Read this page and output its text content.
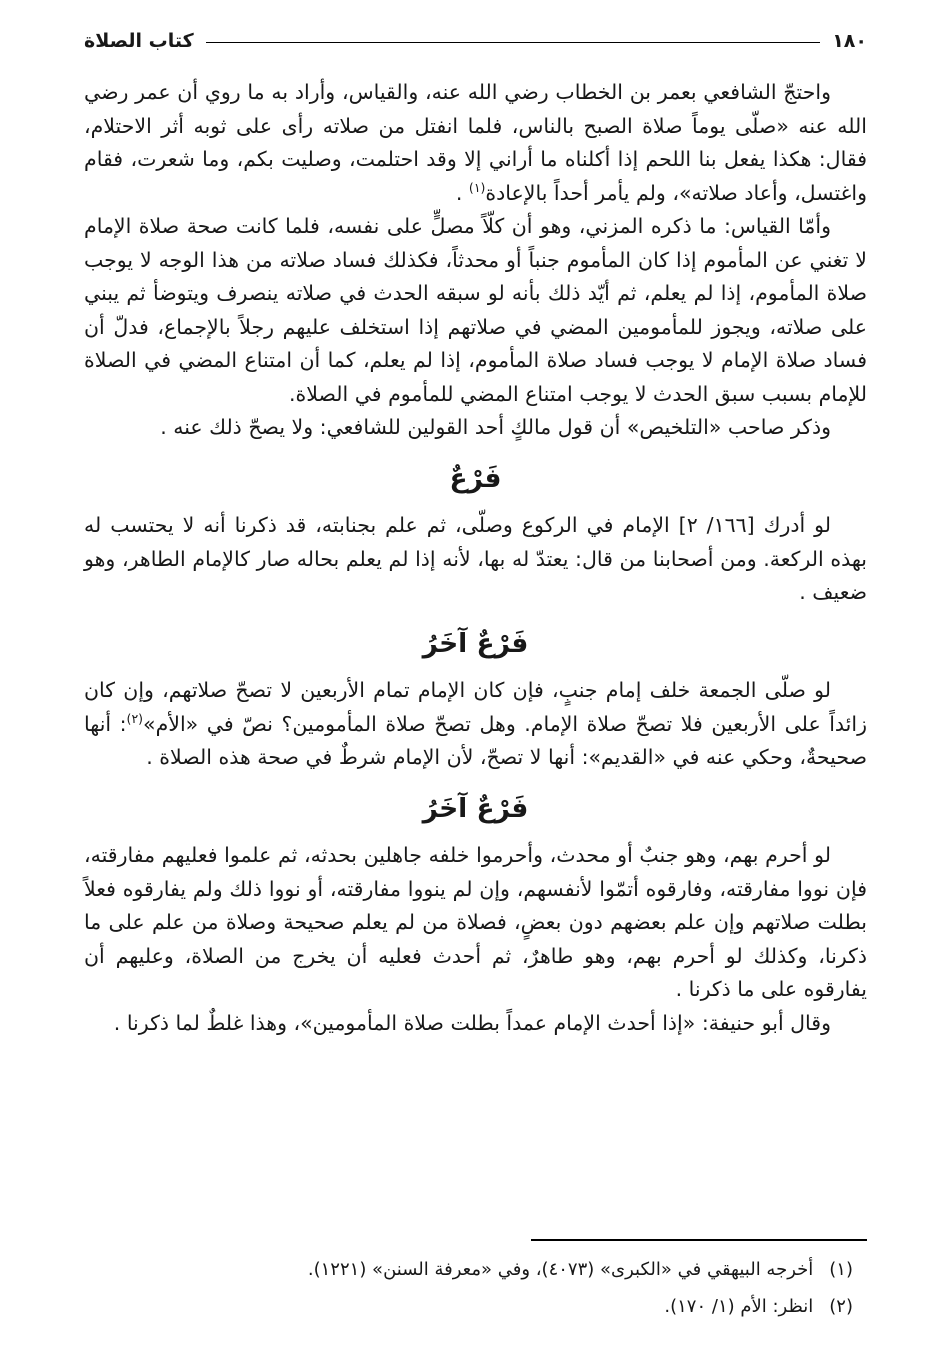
١٨٠
كتاب الصلاة

واحتجّ الشافعي بعمر بن الخطاب رضي الله عنه، والقياس، وأراد به ما روي أن عمر رضي الله عنه «صلّى يوماً صلاة الصبح بالناس، فلما انفتل من صلاته رأى على ثوبه أثر الاحتلام، فقال: هكذا يفعل بنا اللحم إذا أكلناه ما أراني إلا وقد احتلمت، وصليت بكم، وما شعرت، فقام واغتسل، وأعاد صلاته»، ولم يأمر أحداً بالإعادة$^{(١)}$ .

وأمّا القياس: ما ذكره المزني، وهو أن كلّاً مصلٍّ على نفسه، فلما كانت صحة صلاة الإمام لا تغني عن المأموم إذا كان المأموم جنباً أو محدثاً، فكذلك فساد صلاته من هذا الوجه لا يوجب صلاة المأموم، إذا لم يعلم، ثم أيّد ذلك بأنه لو سبقه الحدث في صلاته ينصرف ويتوضأ ثم يبني على صلاته، ويجوز للمأمومين المضي في صلاتهم إذا استخلف عليهم رجلاً بالإجماع، فدلّ أن فساد صلاة الإمام لا يوجب فساد صلاة المأموم، إذا لم يعلم، كما أن امتناع المضي في الصلاة للإمام بسبب سبق الحدث لا يوجب امتناع المضي للمأموم في الصلاة.

وذكر صاحب «التلخيص» أن قول مالكٍ أحد القولين للشافعي: ولا يصحّ ذلك عنه .

فَرْعٌ

لو أدرك [١٦٦/ ٢] الإمام في الركوع وصلّى، ثم علم بجنابته، قد ذكرنا أنه لا يحتسب له بهذه الركعة. ومن أصحابنا من قال: يعتدّ له بها، لأنه إذا لم يعلم بحاله صار كالإمام الطاهر، وهو ضعيف .

فَرْعٌ آخَرُ

لو صلّى الجمعة خلف إمام جنبٍ، فإن كان الإمام تمام الأربعين لا تصحّ صلاتهم، وإن كان زائداً على الأربعين فلا تصحّ صلاة الإمام. وهل تصحّ صلاة المأمومين؟ نصّ في «الأم»$^{(٢)}$: أنها صحيحةٌ، وحكي عنه في «القديم»: أنها لا تصحّ، لأن الإمام شرطٌ في صحة هذه الصلاة .

فَرْعٌ آخَرُ

لو أحرم بهم، وهو جنبٌ أو محدث، وأحرموا خلفه جاهلين بحدثه، ثم علموا فعليهم مفارقته، فإن نووا مفارقته، وفارقوه أتمّوا لأنفسهم، وإن لم ينووا مفارقته، أو نووا ذلك ولم يفارقوه فعلاً بطلت صلاتهم وإن علم بعضهم دون بعضٍ، فصلاة من لم يعلم صحيحة وصلاة من علم على ما ذكرنا، وكذلك لو أحرم بهم، وهو طاهرٌ، ثم أحدث فعليه أن يخرج من الصلاة، وعليهم أن يفارقوه على ما ذكرنا .

وقال أبو حنيفة: «إذا أحدث الإمام عمداً بطلت صلاة المأمومين»، وهذا غلطٌ لما ذكرنا .

(١)
أخرجه البيهقي في «الكبرى» (٤٠٧٣)، وفي «معرفة السنن» (١٢٢١).
(٢)
انظر: الأم (١/ ١٧٠).
